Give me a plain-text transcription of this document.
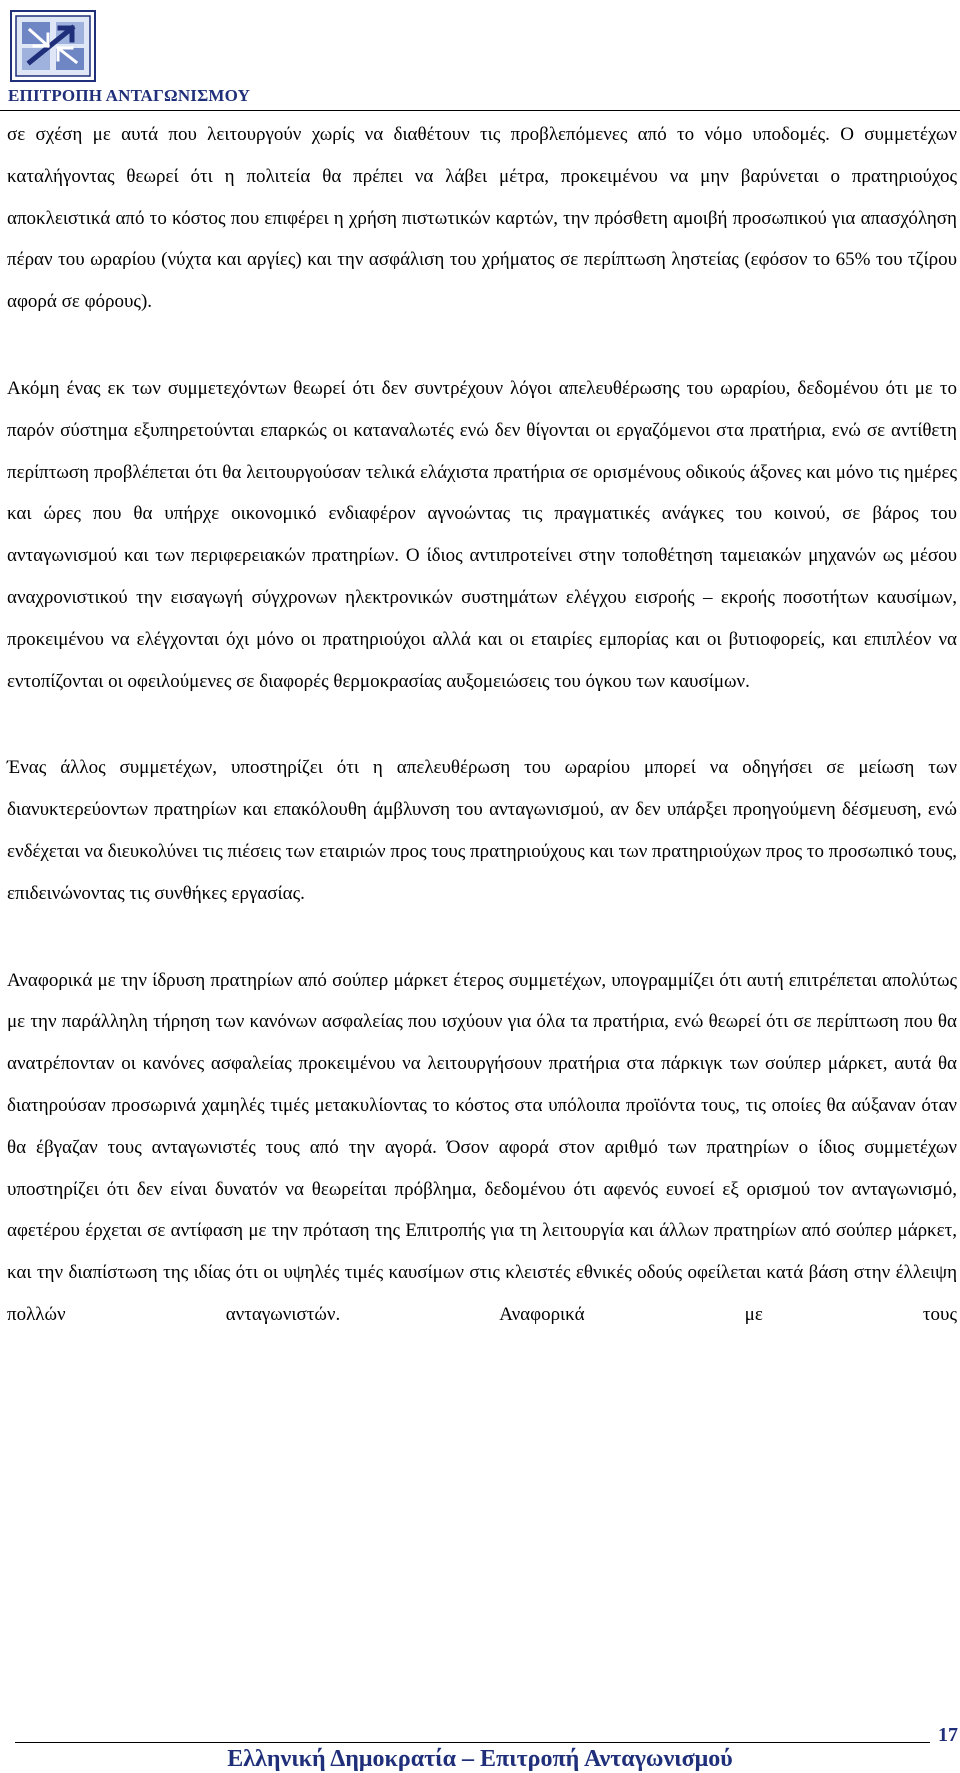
ΕΠΙΤΡΟΠΗ ΑΝΤΑΓΩΝΙΣΜΟΥ

σε σχέση με αυτά που λειτουργούν χωρίς να διαθέτουν τις προβλεπόμενες από το νόμο υποδομές. Ο συμμετέχων καταλήγοντας θεωρεί ότι η πολιτεία θα πρέπει να λάβει μέτρα, προκειμένου να μην βαρύνεται ο πρατηριούχος αποκλειστικά από το κόστος που επιφέρει η χρήση πιστωτικών καρτών, την πρόσθετη αμοιβή προσωπικού για απασχόληση πέραν του ωραρίου (νύχτα και αργίες) και την ασφάλιση του χρήματος σε περίπτωση ληστείας (εφόσον το 65% του τζίρου αφορά σε φόρους).

Ακόμη ένας εκ των συμμετεχόντων θεωρεί ότι δεν συντρέχουν λόγοι απελευθέρωσης του ωραρίου, δεδομένου ότι με το παρόν σύστημα εξυπηρετούνται επαρκώς οι καταναλωτές ενώ δεν θίγονται οι εργαζόμενοι στα πρατήρια, ενώ σε αντίθετη περίπτωση προβλέπεται ότι θα λειτουργούσαν τελικά ελάχιστα πρατήρια σε ορισμένους οδικούς άξονες και μόνο τις ημέρες και ώρες που θα υπήρχε οικονομικό ενδιαφέρον αγνοώντας τις πραγματικές ανάγκες του κοινού, σε βάρος του ανταγωνισμού και των περιφερειακών πρατηρίων. Ο ίδιος αντιπροτείνει στην τοποθέτηση ταμειακών μηχανών ως μέσου αναχρονιστικού την εισαγωγή σύγχρονων ηλεκτρονικών συστημάτων ελέγχου εισροής – εκροής ποσοτήτων καυσίμων, προκειμένου να ελέγχονται όχι μόνο οι πρατηριούχοι αλλά και οι εταιρίες εμπορίας και οι βυτιοφορείς, και επιπλέον να εντοπίζονται οι οφειλούμενες σε διαφορές θερμοκρασίας αυξομειώσεις του όγκου των καυσίμων.

Ένας άλλος συμμετέχων, υποστηρίζει ότι η απελευθέρωση του ωραρίου μπορεί να οδηγήσει σε μείωση των διανυκτερεύοντων πρατηρίων και επακόλουθη άμβλυνση του ανταγωνισμού, αν δεν υπάρξει προηγούμενη δέσμευση, ενώ ενδέχεται να διευκολύνει τις πιέσεις των εταιριών προς τους πρατηριούχους και των πρατηριούχων προς το προσωπικό τους, επιδεινώνοντας τις συνθήκες εργασίας.

Αναφορικά με την ίδρυση πρατηρίων από σούπερ μάρκετ έτερος συμμετέχων, υπογραμμίζει ότι αυτή επιτρέπεται απολύτως με την παράλληλη τήρηση των κανόνων ασφαλείας που ισχύουν για όλα τα πρατήρια, ενώ θεωρεί ότι σε περίπτωση που θα ανατρέπονταν οι κανόνες ασφαλείας προκειμένου να λειτουργήσουν πρατήρια στα πάρκιγκ των σούπερ μάρκετ, αυτά θα διατηρούσαν προσωρινά χαμηλές τιμές μετακυλίοντας το κόστος στα υπόλοιπα προϊόντα τους, τις οποίες θα αύξαναν όταν θα έβγαζαν τους ανταγωνιστές τους από την αγορά. Όσον αφορά στον αριθμό των πρατηρίων ο ίδιος συμμετέχων υποστηρίζει ότι δεν είναι δυνατόν να θεωρείται πρόβλημα, δεδομένου ότι αφενός ευνοεί εξ ορισμού τον ανταγωνισμό, αφετέρου έρχεται σε αντίφαση με την πρόταση της Επιτροπής για τη λειτουργία και άλλων πρατηρίων από σούπερ μάρκετ, και την διαπίστωση της ιδίας ότι οι υψηλές τιμές καυσίμων στις κλειστές εθνικές οδούς οφείλεται κατά βάση στην έλλειψη πολλών ανταγωνιστών. Αναφορικά με τους

17
Ελληνική Δημοκρατία – Επιτροπή Ανταγωνισμού
